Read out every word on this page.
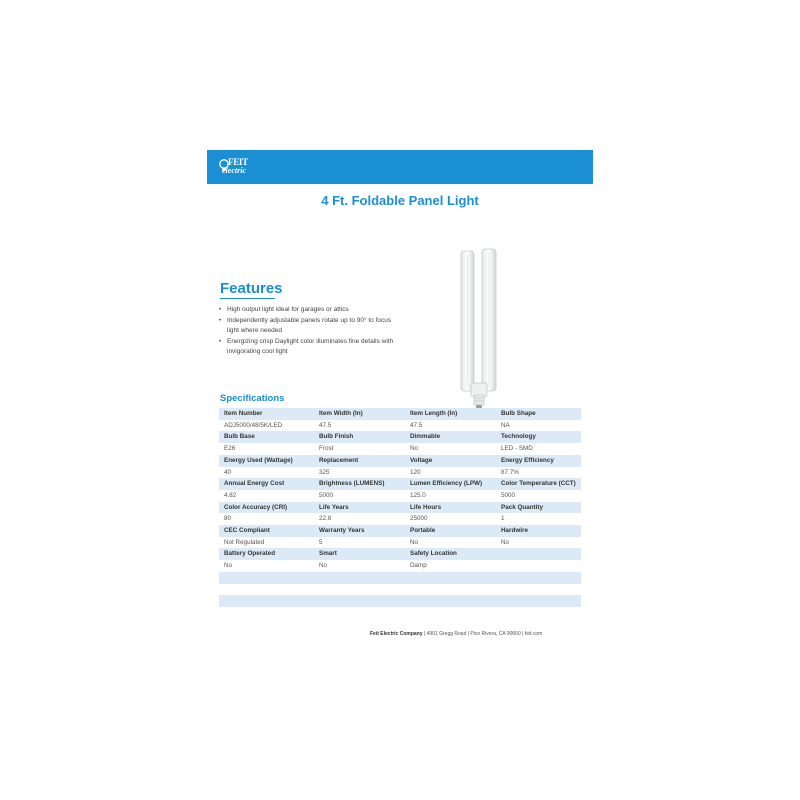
FEIT
electric
4 Ft. Foldable Panel Light
Features
• High output light ideal for garages or attics
• Independently adjustable panels rotate up to 90° to focus light where needed
• Energizing crisp Daylight color illuminates fine details with invigorating cool light
Specifications
Item Number	Item Width (In)	Item Length (In)	Bulb Shape
ADJ5000/48/5K/LED	47.5	47.5	NA
Bulb Base	Bulb Finish	Dimmable	Technology
E26	Frost	No	LED - SMD
Energy Used (Wattage)	Replacement	Voltage	Energy Efficiency
40	325	120	87.7%
Annual Energy Cost	Brightness (LUMENS)	Lumen Efficiency (LPW)	Color Temperature (CCT)
4.82	5000	125.0	5000
Color Accuracy (CRI)	Life Years	Life Hours	Pack Quantity
80	22.8	25000	1
CEC Compliant	Warranty Years	Portable	Hardwire
Not Regulated	5	No	No
Battery Operated	Smart	Safety Location	
No	No	Damp	

Feit Electric Company | 4901 Gregg Road | Pico Rivera, CA 90660 | feit.com
